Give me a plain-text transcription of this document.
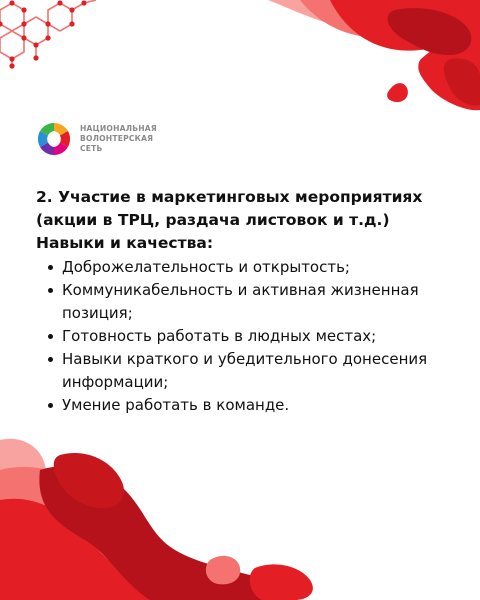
НАЦИОНАЛЬНАЯ
ВОЛОНТЕРСКАЯ
СЕТЬ
2. Участие в маркетинговых мероприятиях
(акции в ТРЦ, раздача листовок и т.д.)
Навыки и качества:
Доброжелательность и открытость;
Коммуникабельность и активная жизненная позиция;
Готовность работать в людных местах;
Навыки краткого и убедительного донесения информации;
Умение работать в команде.
